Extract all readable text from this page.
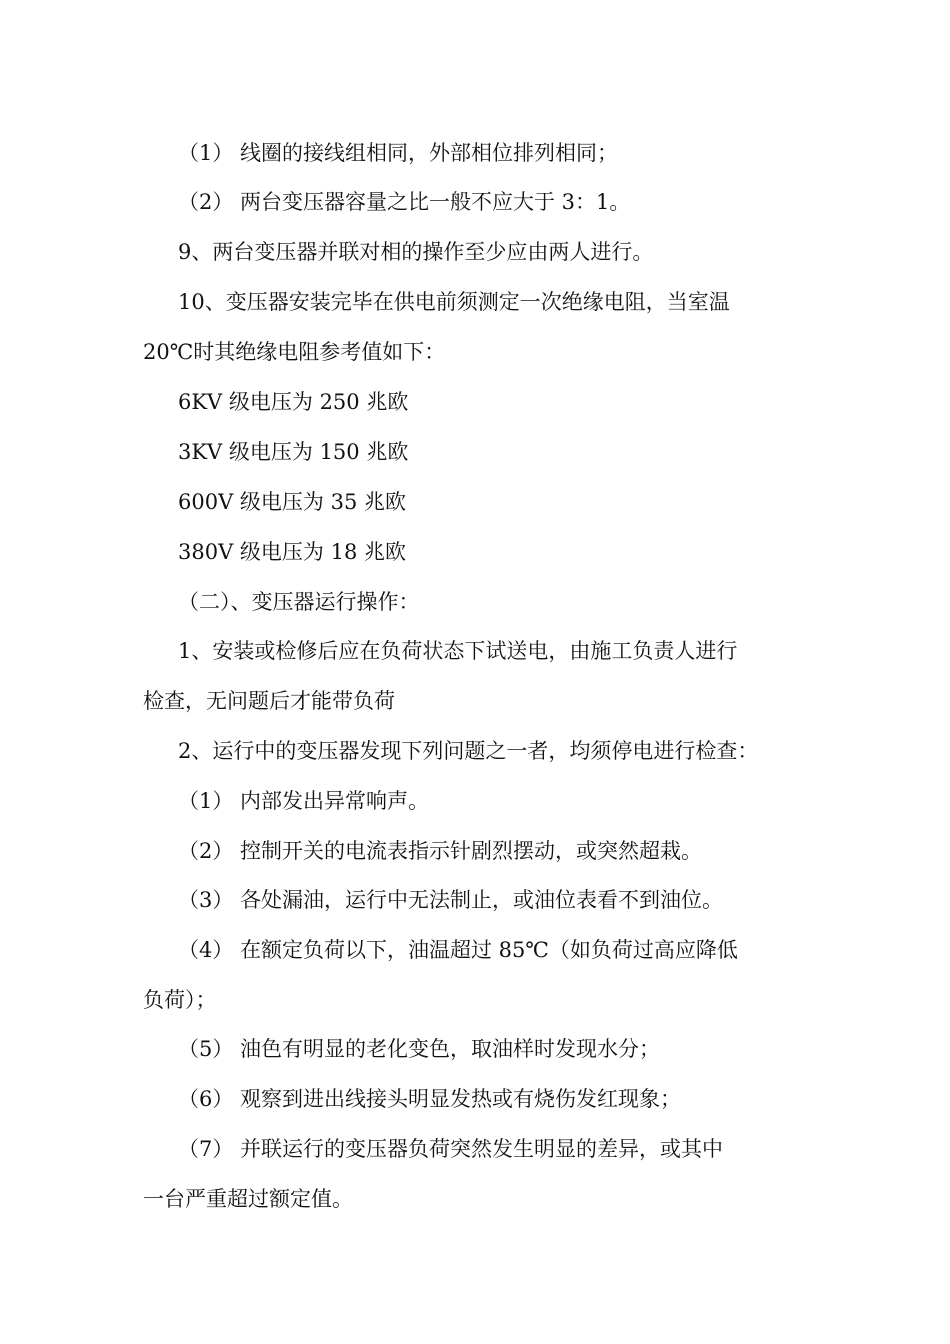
（1） 线圈的接线组相同，外部相位排列相同；
（2） 两台变压器容量之比一般不应大于 3：1。
9、两台变压器并联对相的操作至少应由两人进行。
10、变压器安装完毕在供电前须测定一次绝缘电阻，当室温
20℃时其绝缘电阻参考值如下：
6KV 级电压为 250 兆欧
3KV 级电压为 150 兆欧
600V 级电压为 35 兆欧
380V 级电压为 18 兆欧
（二）、变压器运行操作：
1、安装或检修后应在负荷状态下试送电，由施工负责人进行
检查，无问题后才能带负荷
2、运行中的变压器发现下列问题之一者，均须停电进行检查：
（1） 内部发出异常响声。
（2） 控制开关的电流表指示针剧烈摆动，或突然超栽。
（3） 各处漏油，运行中无法制止，或油位表看不到油位。
（4） 在额定负荷以下，油温超过 85℃（如负荷过高应降低
负荷）；
（5） 油色有明显的老化变色，取油样时发现水分；
（6） 观察到进出线接头明显发热或有烧伤发红现象；
（7） 并联运行的变压器负荷突然发生明显的差异，或其中
一台严重超过额定值。
